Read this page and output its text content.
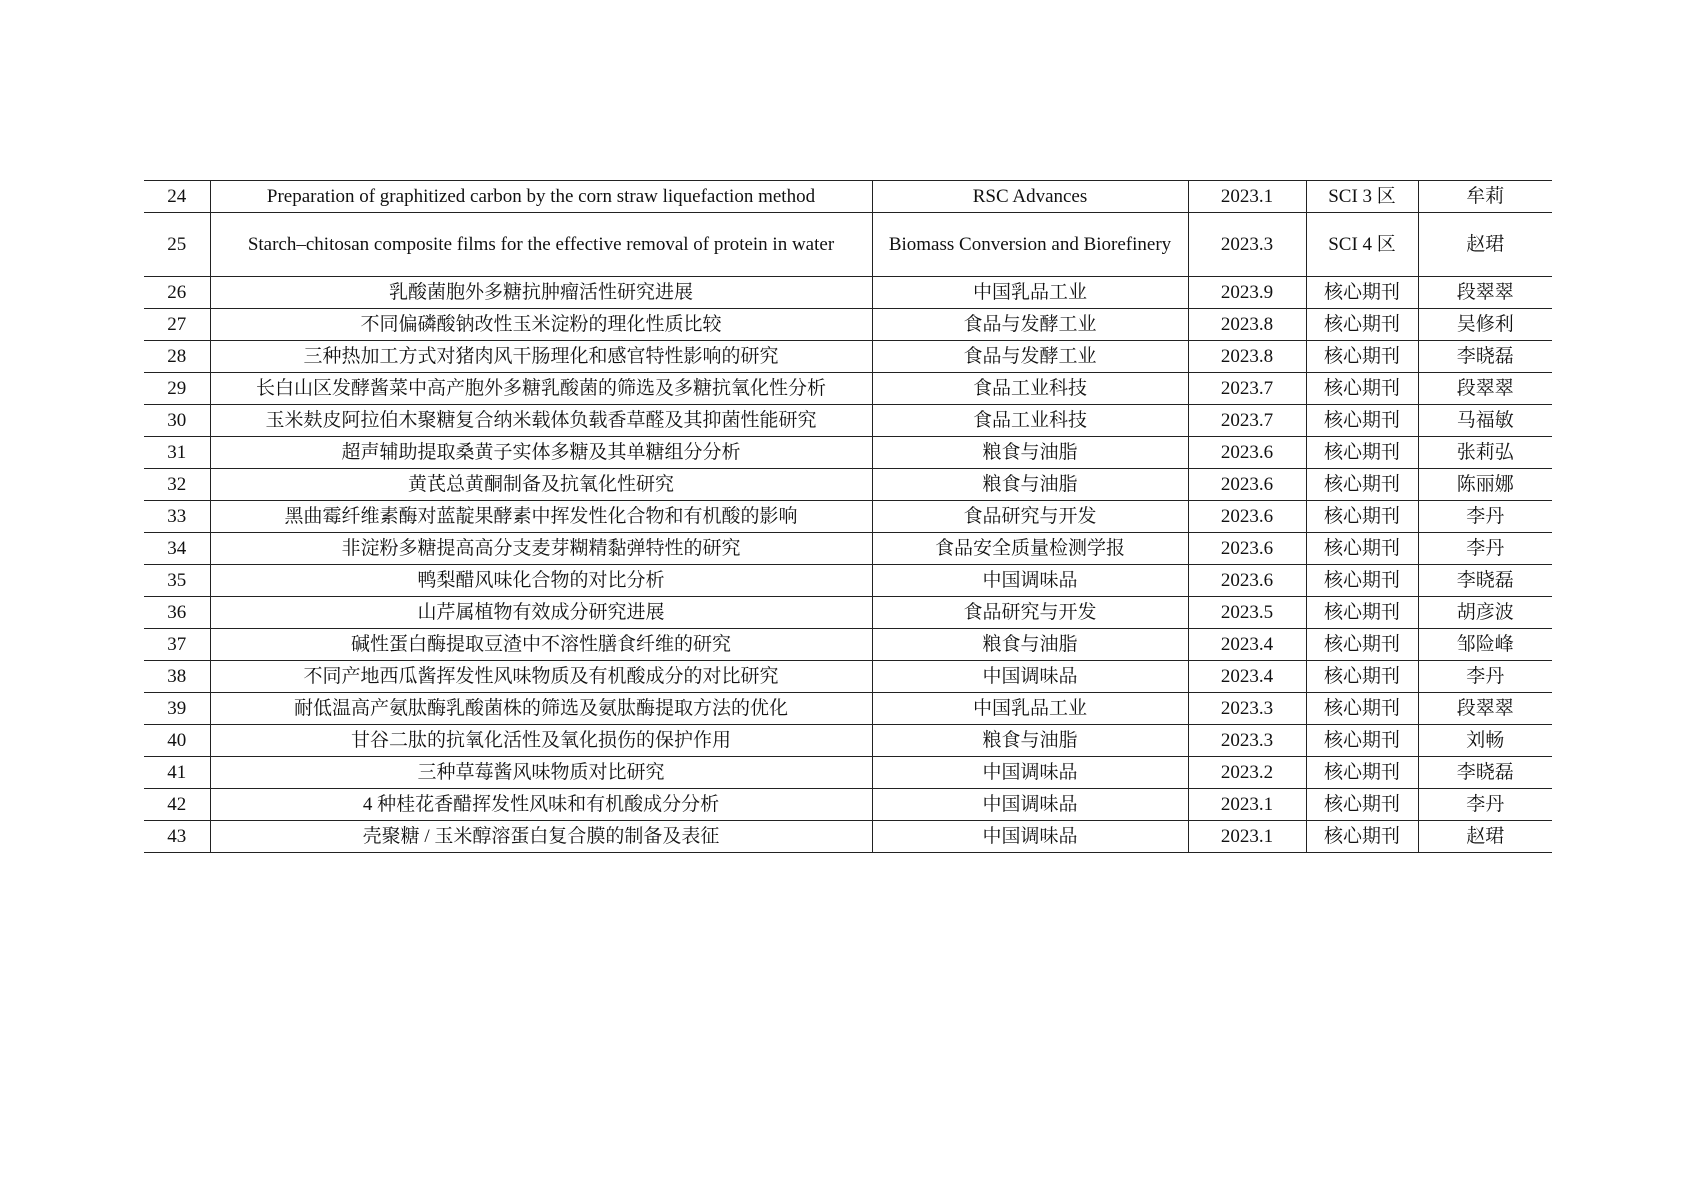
24	Preparation of graphitized carbon by the corn straw liquefaction method	RSC Advances	2023.1	SCI 3 区	牟莉
25	Starch–chitosan composite films for the effective removal of protein in water	Biomass Conversion and Biorefinery	2023.3	SCI 4 区	赵珺
26	乳酸菌胞外多糖抗肿瘤活性研究进展	中国乳品工业	2023.9	核心期刊	段翠翠
27	不同偏磷酸钠改性玉米淀粉的理化性质比较	食品与发酵工业	2023.8	核心期刊	吴修利
28	三种热加工方式对猪肉风干肠理化和感官特性影响的研究	食品与发酵工业	2023.8	核心期刊	李晓磊
29	长白山区发酵酱菜中高产胞外多糖乳酸菌的筛选及多糖抗氧化性分析	食品工业科技	2023.7	核心期刊	段翠翠
30	玉米麸皮阿拉伯木聚糖复合纳米载体负载香草醛及其抑菌性能研究	食品工业科技	2023.7	核心期刊	马福敏
31	超声辅助提取桑黄子实体多糖及其单糖组分分析	粮食与油脂	2023.6	核心期刊	张莉弘
32	黄芪总黄酮制备及抗氧化性研究	粮食与油脂	2023.6	核心期刊	陈丽娜
33	黑曲霉纤维素酶对蓝靛果酵素中挥发性化合物和有机酸的影响	食品研究与开发	2023.6	核心期刊	李丹
34	非淀粉多糖提高高分支麦芽糊精黏弹特性的研究	食品安全质量检测学报	2023.6	核心期刊	李丹
35	鸭梨醋风味化合物的对比分析	中国调味品	2023.6	核心期刊	李晓磊
36	山芹属植物有效成分研究进展	食品研究与开发	2023.5	核心期刊	胡彦波
37	碱性蛋白酶提取豆渣中不溶性膳食纤维的研究	粮食与油脂	2023.4	核心期刊	邹险峰
38	不同产地西瓜酱挥发性风味物质及有机酸成分的对比研究	中国调味品	2023.4	核心期刊	李丹
39	耐低温高产氨肽酶乳酸菌株的筛选及氨肽酶提取方法的优化	中国乳品工业	2023.3	核心期刊	段翠翠
40	甘谷二肽的抗氧化活性及氧化损伤的保护作用	粮食与油脂	2023.3	核心期刊	刘畅
41	三种草莓酱风味物质对比研究	中国调味品	2023.2	核心期刊	李晓磊
42	4 种桂花香醋挥发性风味和有机酸成分分析	中国调味品	2023.1	核心期刊	李丹
43	壳聚糖 / 玉米醇溶蛋白复合膜的制备及表征	中国调味品	2023.1	核心期刊	赵珺
